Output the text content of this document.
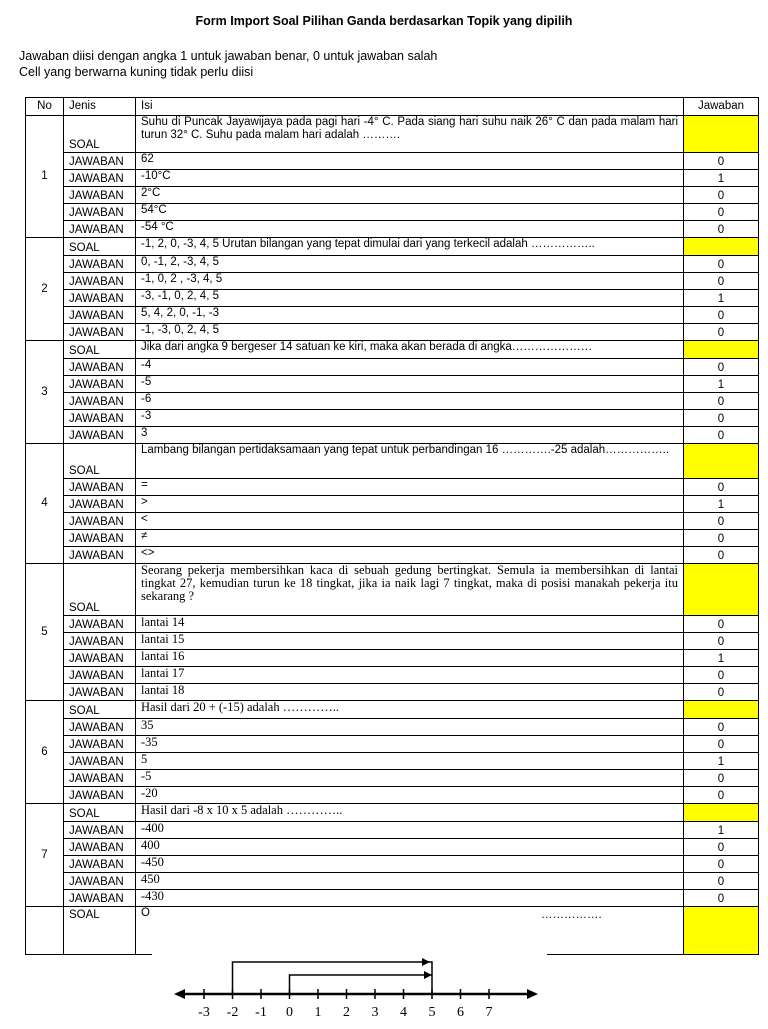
Form Import Soal Pilihan Ganda berdasarkan Topik yang dipilih
Jawaban diisi dengan angka 1 untuk jawaban benar, 0 untuk jawaban salah
Cell yang berwarna kuning tidak perlu diisi
No	Jenis	Isi	Jawaban
1	SOAL	Suhu di Puncak Jayawijaya pada pagi hari -4° C. Pada siang hari suhu naik 26° C dan pada malam hari turun 32° C. Suhu pada malam hari adalah ……….	
	JAWABAN	62	0
	JAWABAN	-10°C	1
	JAWABAN	2°C	0
	JAWABAN	54°C	0
	JAWABAN	-54 °C	0
2	SOAL	-1, 2, 0, -3, 4, 5 Urutan bilangan yang tepat dimulai dari yang terkecil adalah ……………..	
	JAWABAN	0, -1, 2, -3, 4, 5	0
	JAWABAN	-1, 0, 2 , -3, 4, 5	0
	JAWABAN	-3, -1, 0, 2, 4, 5	1
	JAWABAN	5, 4, 2, 0, -1, -3	0
	JAWABAN	-1, -3, 0, 2, 4, 5	0
3	SOAL	Jika dari angka 9 bergeser 14 satuan ke kiri, maka akan berada di angka…………………	
	JAWABAN	-4	0
	JAWABAN	-5	1
	JAWABAN	-6	0
	JAWABAN	-3	0
	JAWABAN	3	0
4	SOAL	Lambang bilangan pertidaksamaan yang tepat untuk perbandingan 16 ………….-25 adalah……………..	
	JAWABAN	=	0
	JAWABAN	>	1
	JAWABAN	<	0
	JAWABAN	≠	0
	JAWABAN	<>	0
5	SOAL	Seorang pekerja membersihkan kaca di sebuah gedung bertingkat. Semula ia membersihkan di lantai tingkat 27, kemudian turun ke 18 tingkat, jika ia naik lagi 7 tingkat, maka di posisi manakah pekerja itu sekarang ?	
	JAWABAN	lantai 14	0
	JAWABAN	lantai 15	0
	JAWABAN	lantai 16	1
	JAWABAN	lantai 17	0
	JAWABAN	lantai 18	0
6	SOAL	Hasil dari 20 + (-15) adalah …………..	
	JAWABAN	35	0
	JAWABAN	-35	0
	JAWABAN	5	1
	JAWABAN	-5	0
	JAWABAN	-20	0
7	SOAL	Hasil dari -8 x 10 x 5 adalah …………..	
	JAWABAN	-400	1
	JAWABAN	400	0
	JAWABAN	-450	0
	JAWABAN	450	0
	JAWABAN	-430	0
	SOAL	O …………….	

-3 -2 -1 0 1 2 3 4 5 6 7
